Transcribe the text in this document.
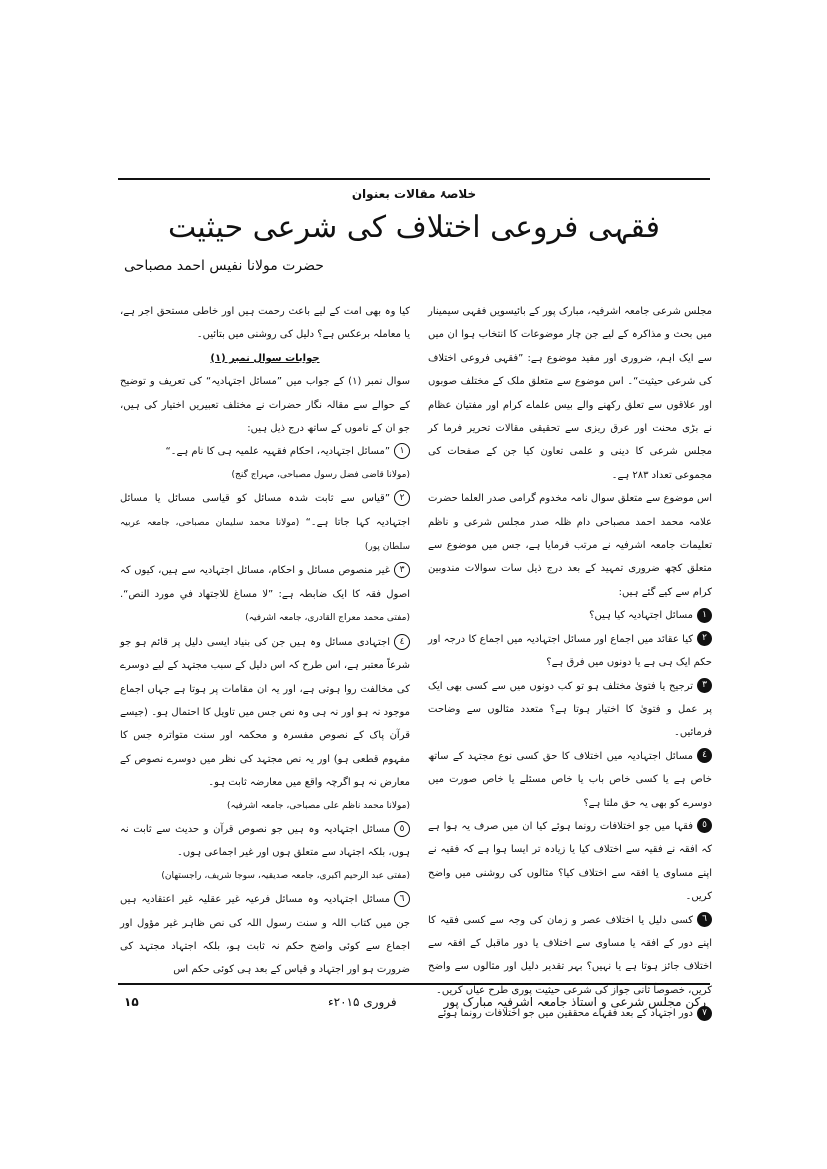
خلاصۂ مقالات بعنوان
فقہی فروعی اختلاف کی شرعی حیثیت
حضرت مولانا نفیس احمد مصباحی

مجلس شرعی جامعہ اشرفیہ، مبارک پور کے بائیسویں فقہی سیمینار میں بحث و مذاکرہ کے لیے جن چار موضوعات کا انتخاب ہوا ان میں سے ایک اہم، ضروری اور مفید موضوع ہے: ”فقہی فروعی اختلاف کی شرعی حیثیت“۔ اس موضوع سے متعلق ملک کے مختلف صوبوں اور علاقوں سے تعلق رکھنے والے بیس علماے کرام اور مفتیان عظام نے بڑی محنت اور عرق ریزی سے تحقیقی مقالات تحریر فرما کر مجلس شرعی کا دینی و علمی تعاون کیا جن کے صفحات کی مجموعی تعداد ۲۸۳ ہے۔

اس موضوع سے متعلق سوال نامہ مخدوم گرامی صدر العلما حضرت علامہ محمد احمد مصباحی دام ظلہ صدر مجلس شرعی و ناظم تعلیمات جامعہ اشرفیہ نے مرتب فرمایا ہے، جس میں موضوع سے متعلق کچھ ضروری تمہید کے بعد درج ذیل سات سوالات مندوبین کرام سے کیے گئے ہیں:

١مسائل اجتہادیہ کیا ہیں؟

٢کیا عقائد میں اجماع اور مسائل اجتہادیہ میں اجماع کا درجہ اور حکم ایک ہی ہے یا دونوں میں فرق ہے؟

٣ترجیح یا فتویٰ مختلف ہو تو کب دونوں میں سے کسی بھی ایک پر عمل و فتویٰ کا اختیار ہوتا ہے؟ متعدد مثالوں سے وضاحت فرمائیں۔

٤مسائل اجتہادیہ میں اختلاف کا حق کسی نوع مجتہد کے ساتھ خاص ہے یا کسی خاص باب یا خاص مسئلے یا خاص صورت میں دوسرے کو بھی یہ حق ملتا ہے؟

٥فقہا میں جو اختلافات رونما ہوئے کیا ان میں صرف یہ ہوا ہے کہ افقہ نے فقیہ سے اختلاف کیا یا زیادہ تر ایسا ہوا ہے کہ فقیہ نے اپنے مساوی یا افقہ سے اختلاف کیا؟ مثالوں کی روشنی میں واضح کریں۔

٦کسی دلیل یا اختلاف عصر و زمان کی وجہ سے کسی فقیہ کا اپنے دور کے افقہ یا مساوی سے اختلاف یا دور ماقبل کے افقہ سے اختلاف جائز ہوتا ہے یا نہیں؟ بہر تقدیر دلیل اور مثالوں سے واضح کریں، خصوصاً ثانی جواز کی شرعی حیثیت پوری طرح عیاں کریں۔

٧دور اجتہاد کے بعد فقہاے محققین میں جو اختلافات رونما ہوئے

کیا وہ بھی امت کے لیے باعث رحمت ہیں اور خاطی مستحق اجر ہے، یا معاملہ برعکس ہے؟ دلیل کی روشنی میں بتائیں۔

جوابات سوال نمبر (۱)

سوال نمبر (۱) کے جواب میں ”مسائل اجتہادیہ“ کی تعریف و توضیح کے حوالے سے مقالہ نگار حضرات نے مختلف تعبیریں اختیار کی ہیں، جو ان کے ناموں کے ساتھ درج ذیل ہیں:

١”مسائل اجتہادیہ، احکام فقہیہ علمیہ ہی کا نام ہے۔“

(مولانا قاضی فضل رسول مصباحی، مہراج گنج)

٢”قیاس سے ثابت شدہ مسائل کو قیاسی مسائل یا مسائل اجتہادیہ کہا جاتا ہے۔“ (مولانا محمد سلیمان مصباحی، جامعہ عربیہ سلطان پور)

٣غیر منصوص مسائل و احکام، مسائل اجتہادیہ سے ہیں، کیوں کہ اصول فقہ کا ایک ضابطہ ہے: ”لا مساغ للاجتهاد في مورد النص“. (مفتی محمد معراج القادری، جامعہ اشرفیہ)

٤اجتہادی مسائل وہ ہیں جن کی بنیاد ایسی دلیل پر قائم ہو جو شرعاً معتبر ہے، اس طرح کہ اس دلیل کے سبب مجتہد کے لیے دوسرے کی مخالفت روا ہوتی ہے، اور یہ ان مقامات پر ہوتا ہے جہاں اجماع موجود نہ ہو اور نہ ہی وہ نص جس میں تاویل کا احتمال ہو۔ (جیسے قرآن پاک کے نصوص مفسرہ و محکمہ اور سنت متواترہ جس کا مفہوم قطعی ہو) اور یہ نص مجتہد کی نظر میں دوسرے نصوص کے معارض نہ ہو اگرچہ واقع میں معارضہ ثابت ہو۔

(مولانا محمد ناظم علی مصباحی، جامعہ اشرفیہ)

٥مسائل اجتہادیہ وہ ہیں جو نصوص قرآن و حدیث سے ثابت نہ ہوں، بلکہ اجتہاد سے متعلق ہوں اور غیر اجماعی ہوں۔

(مفتی عبد الرحیم اکبری، جامعہ صدیقیہ، سوجا شریف، راجستھان)

٦مسائل اجتہادیہ وہ مسائل فرعیہ غیر عقلیہ غیر اعتقادیہ ہیں جن میں کتاب اللہ و سنت رسول اللہ کی نص ظاہر غیر مؤول اور اجماع سے کوئی واضح حکم نہ ثابت ہو، بلکہ اجتہاد مجتہد کی ضرورت ہو اور اجتہاد و قیاس کے بعد ہی کوئی حکم اس

۱۵	فروری ۲۰۱۵ء	رکن مجلس شرعی و استاذ جامعہ اشرفیہ مبارک پور
